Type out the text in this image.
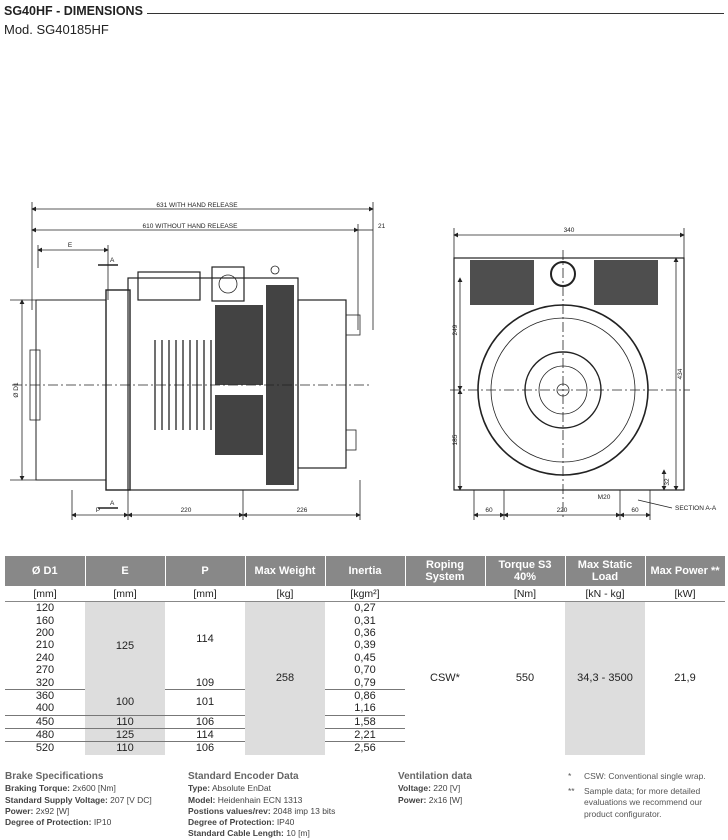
SG40HF - DIMENSIONS
Mod. SG40185HF
631 WITH HAND RELEASE
610 WITHOUT HAND RELEASE	21
E
A
A
Ø D1
P	220	226
340
249
434
185
32
M20
60	220	60	SECTION A-A
Ø D1	E	P	Max Weight	Inertia	Roping System	Torque S3 40%	Max Static Load	Max Power **
[mm]	[mm]	[mm]	[kg]	[kgm²]		[Nm]	[kN - kg]	[kW]
120	125	114	258	0,27	CSW*	550	34,3 - 3500	21,9
160				0,31				
200				0,36				
210				0,39				
240				0,45				
270				0,70				
320		109		0,79				
360	100	101		0,86				
400				1,16				
450	110	106		1,58				
480	125	114		2,21				
520	110	106		2,56				
Brake Specifications
Braking Torque: 2x600 [Nm]
Standard Supply Voltage: 207 [V DC]
Power: 2x92 [W]
Degree of Protection: IP10
Standard Encoder Data
Type: Absolute EnDat
Model: Heidenhain ECN 1313
Postions values/rev: 2048 imp 13 bits
Degree of Protection: IP40
Standard Cable Length: 10 [m]
Ventilation data
Voltage: 220 [V]
Power: 2x16 [W]
*	CSW: Conventional single wrap.
**	Sample data; for more detailed evaluations we recommend our product configurator.
